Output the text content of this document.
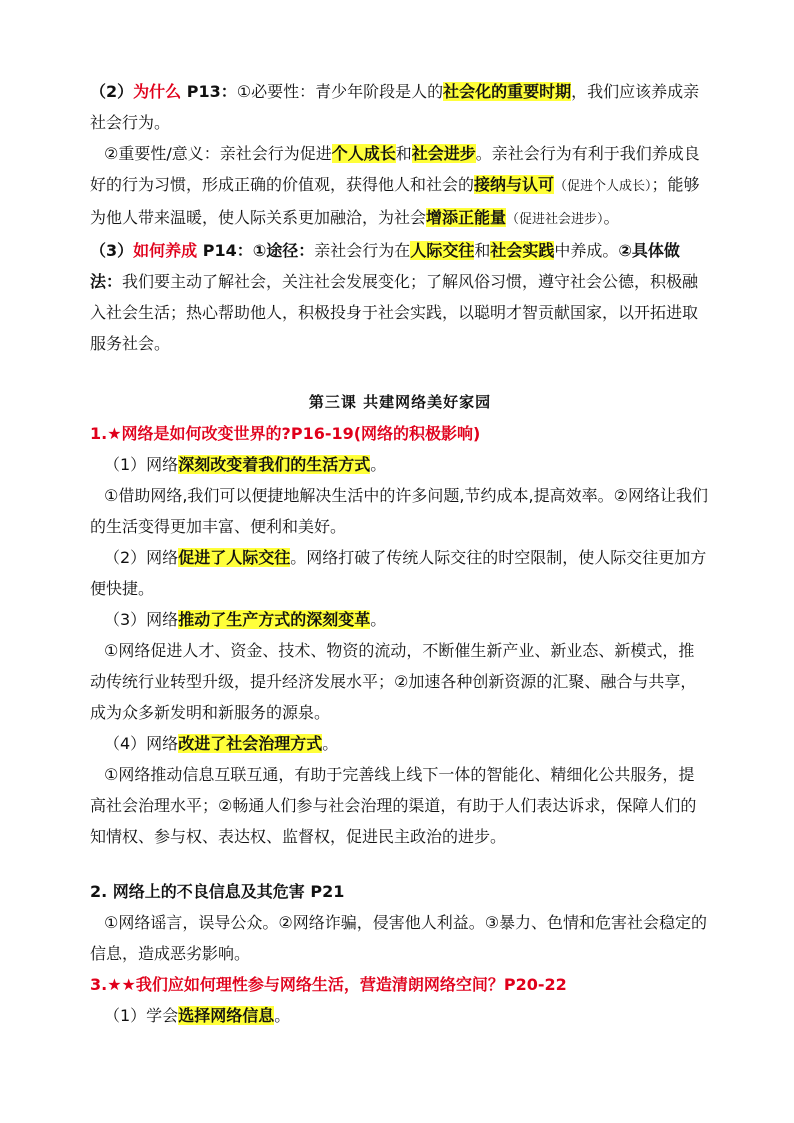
（2）为什么 P13：①必要性：青少年阶段是人的社会化的重要时期，我们应该养成亲社会行为。

②重要性/意义：亲社会行为促进个人成长和社会进步。亲社会行为有利于我们养成良好的行为习惯，形成正确的价值观，获得他人和社会的接纳与认可（促进个人成长）；能够为他人带来温暖，使人际关系更加融洽，为社会增添正能量（促进社会进步）。

（3）如何养成 P14：①途径：亲社会行为在人际交往和社会实践中养成。②具体做法：我们要主动了解社会，关注社会发展变化；了解风俗习惯，遵守社会公德，积极融入社会生活；热心帮助他人，积极投身于社会实践，以聪明才智贡献国家，以开拓进取服务社会。

第三课 共建网络美好家园

1.★网络是如何改变世界的?P16-19(网络的积极影响)

（1）网络深刻改变着我们的生活方式。

①借助网络,我们可以便捷地解决生活中的许多问题,节约成本,提高效率。②网络让我们的生活变得更加丰富、便利和美好。

（2）网络促进了人际交往。网络打破了传统人际交往的时空限制，使人际交往更加方便快捷。

（3）网络推动了生产方式的深刻变革。

①网络促进人才、资金、技术、物资的流动，不断催生新产业、新业态、新模式，推动传统行业转型升级，提升经济发展水平；②加速各种创新资源的汇聚、融合与共享，成为众多新发明和新服务的源泉。

（4）网络改进了社会治理方式。

①网络推动信息互联互通，有助于完善线上线下一体的智能化、精细化公共服务，提高社会治理水平；②畅通人们参与社会治理的渠道，有助于人们表达诉求，保障人们的知情权、参与权、表达权、监督权，促进民主政治的进步。

2. 网络上的不良信息及其危害 P21

①网络谣言，误导公众。②网络诈骗，侵害他人利益。③暴力、色情和危害社会稳定的信息，造成恶劣影响。

3.★★我们应如何理性参与网络生活，营造清朗网络空间？P20-22

（1）学会选择网络信息。
